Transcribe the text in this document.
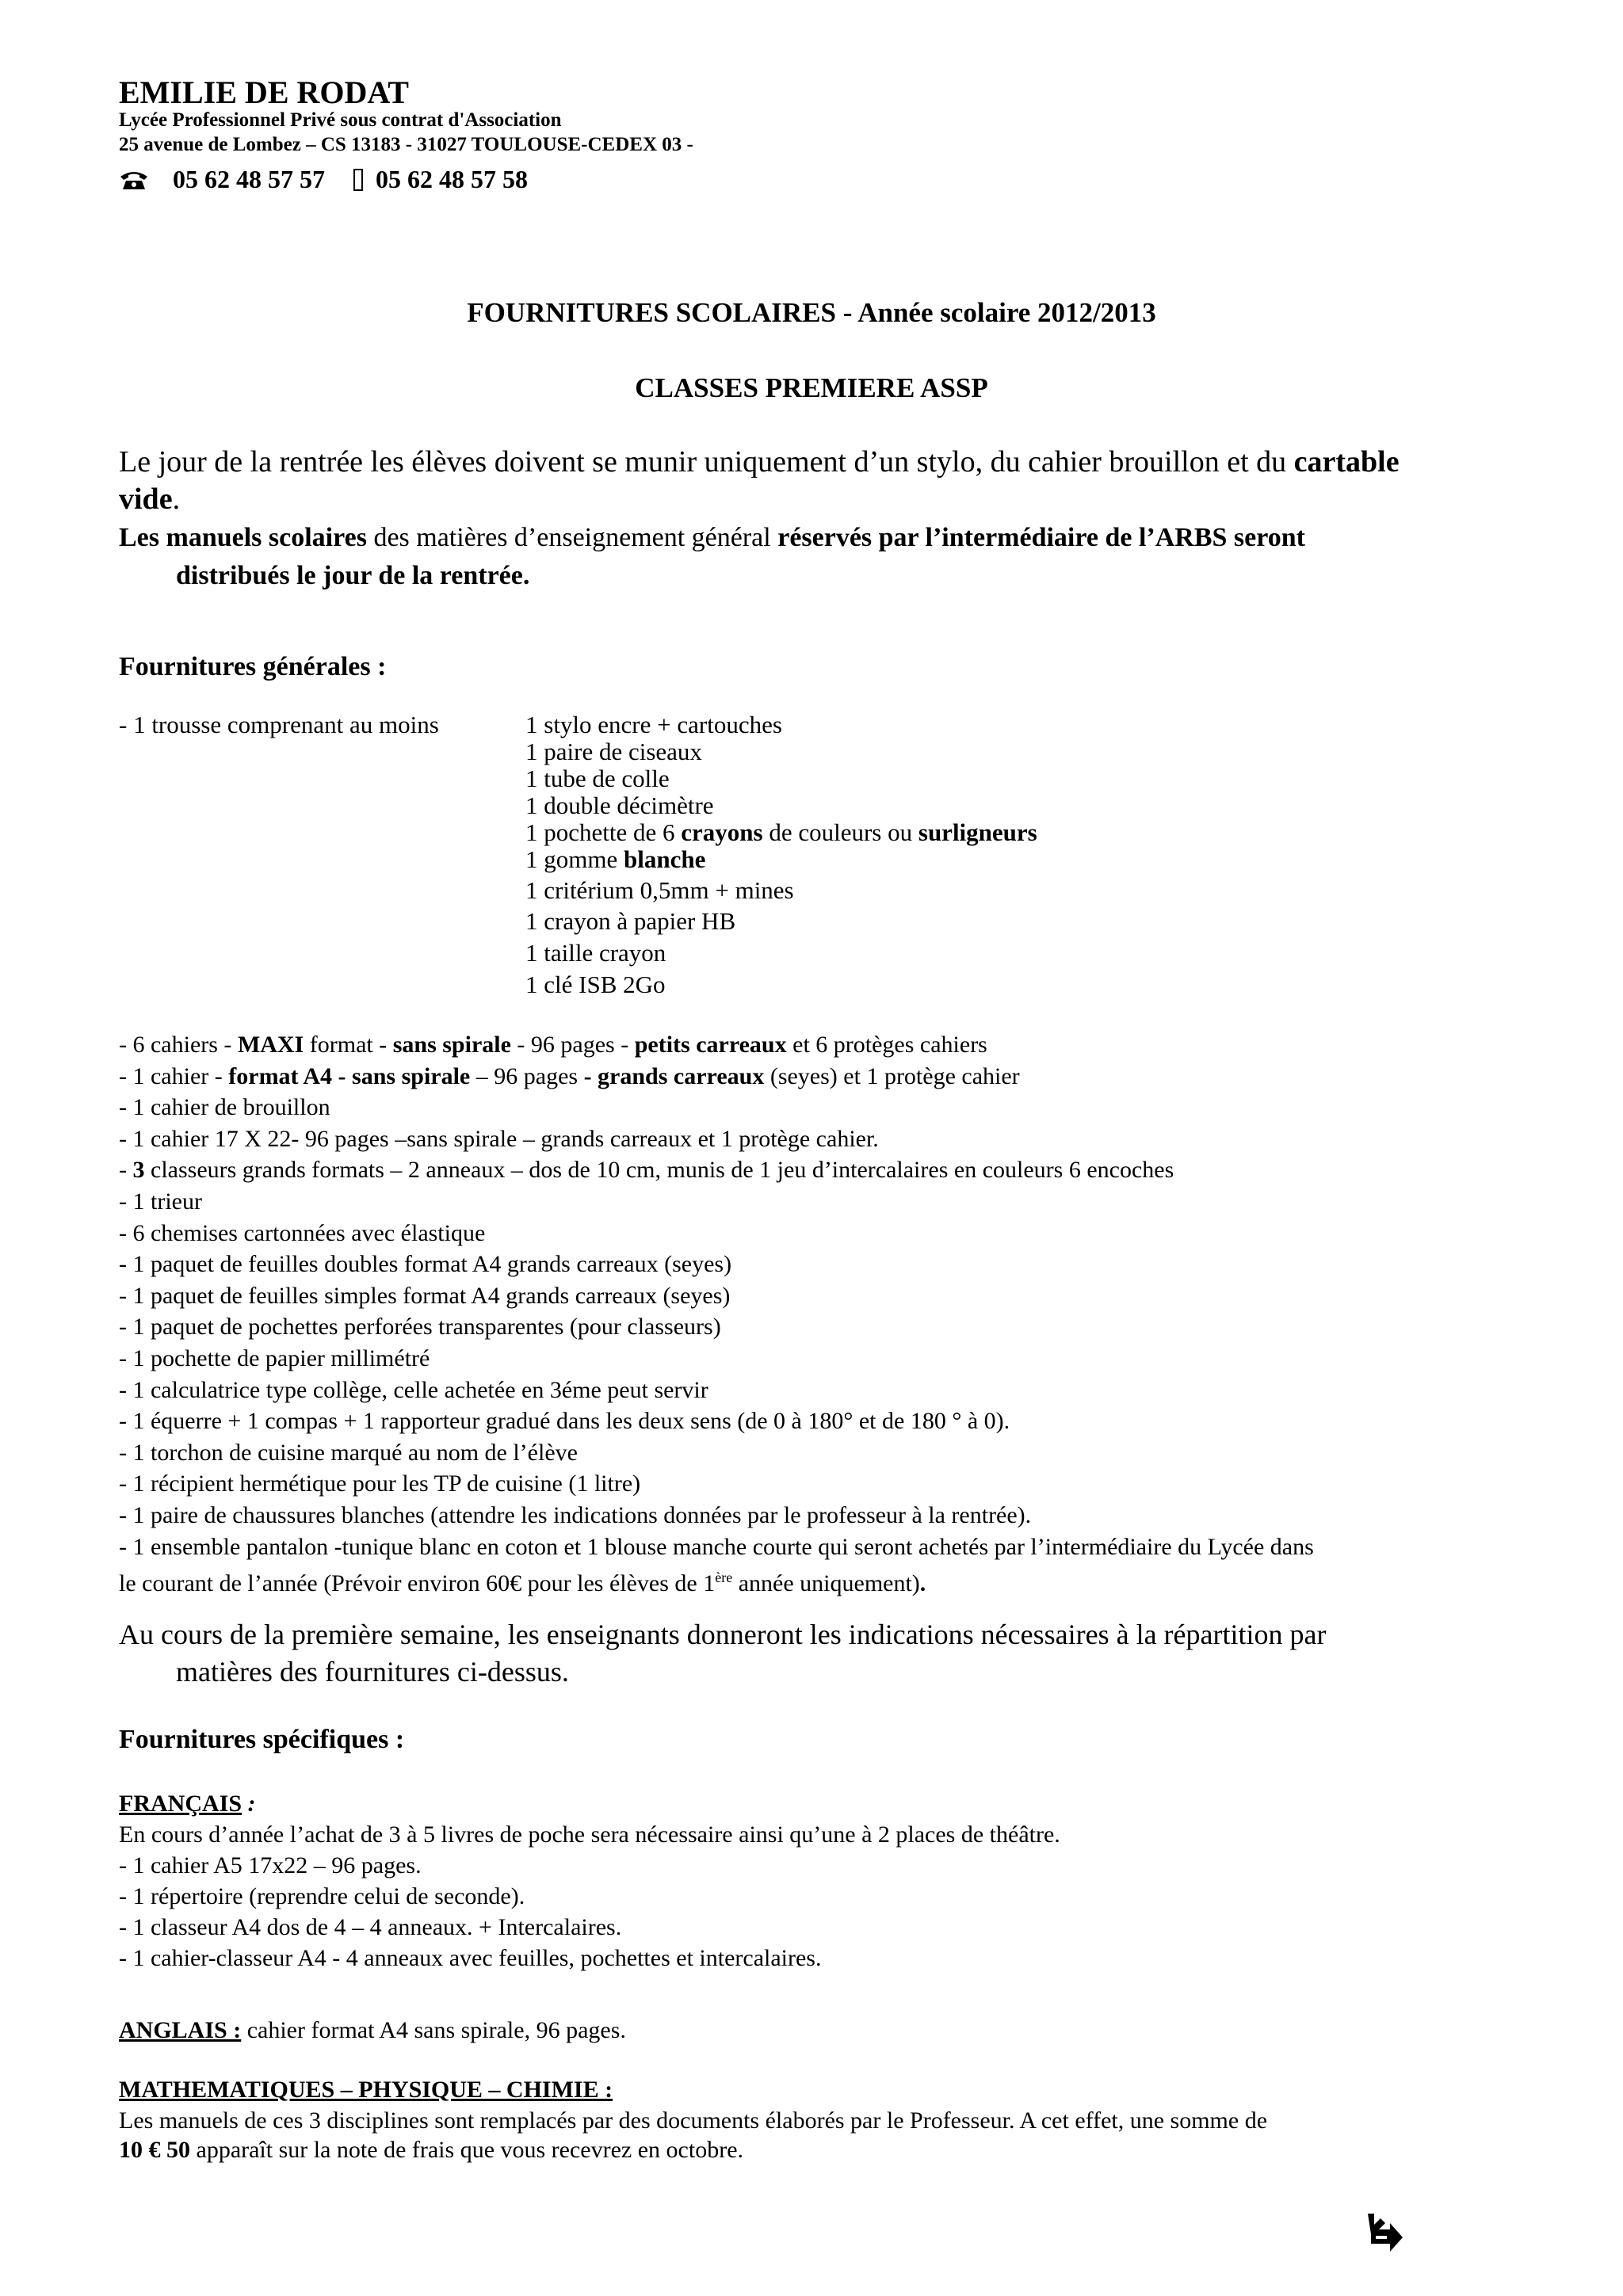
EMILIE DE RODAT
Lycée Professionnel Privé sous contrat d'Association
25 avenue de Lombez – CS 13183 - 31027 TOULOUSE-CEDEX 03 -
05 62 48 57 57 05 62 48 57 58
FOURNITURES SCOLAIRES - Année scolaire 2012/2013
CLASSES PREMIERE ASSP
Le jour de la rentrée les élèves doivent se munir uniquement d’un stylo, du cahier brouillon et du cartable
vide.
Les manuels scolaires des matières d’enseignement général réservés par l’intermédiaire de l’ARBS seront
distribués le jour de la rentrée.
Fournitures générales :
- 1 trousse comprenant au moins	1 stylo encre + cartouches
1 paire de ciseaux
1 tube de colle
1 double décimètre
1 pochette de 6 crayons de couleurs ou surligneurs
1 gomme blanche
1 critérium 0,5mm + mines
1 crayon à papier HB
1 taille crayon
1 clé ISB 2Go
- 6 cahiers - MAXI format - sans spirale - 96 pages - petits carreaux et 6 protèges cahiers
- 1 cahier - format A4 - sans spirale – 96 pages - grands carreaux (seyes) et 1 protège cahier
- 1 cahier de brouillon
- 1 cahier 17 X 22- 96 pages –sans spirale – grands carreaux et 1 protège cahier.
- 3 classeurs grands formats – 2 anneaux – dos de 10 cm, munis de 1 jeu d’intercalaires en couleurs 6 encoches
- 1 trieur
- 6 chemises cartonnées avec élastique
- 1 paquet de feuilles doubles format A4 grands carreaux (seyes)
- 1 paquet de feuilles simples format A4 grands carreaux (seyes)
- 1 paquet de pochettes perforées transparentes (pour classeurs)
- 1 pochette de papier millimétré
- 1 calculatrice type collège, celle achetée en 3éme peut servir
- 1 équerre + 1 compas + 1 rapporteur gradué dans les deux sens (de 0 à 180° et de 180 ° à 0).
- 1 torchon de cuisine marqué au nom de l’élève
- 1 récipient hermétique pour les TP de cuisine (1 litre)
- 1 paire de chaussures blanches (attendre les indications données par le professeur à la rentrée).
- 1 ensemble pantalon -tunique blanc en coton et 1 blouse manche courte qui seront achetés par l’intermédiaire du Lycée dans
le courant de l’année (Prévoir environ 60€ pour les élèves de 1ère année uniquement).
Au cours de la première semaine, les enseignants donneront les indications nécessaires à la répartition par
matières des fournitures ci-dessus.
Fournitures spécifiques :
FRANÇAIS :
En cours d’année l’achat de 3 à 5 livres de poche sera nécessaire ainsi qu’une à 2 places de théâtre.
- 1 cahier A5 17x22 – 96 pages.
- 1 répertoire (reprendre celui de seconde).
- 1 classeur A4 dos de 4 – 4 anneaux. + Intercalaires.
- 1 cahier-classeur A4 - 4 anneaux avec feuilles, pochettes et intercalaires.
ANGLAIS : cahier format A4 sans spirale, 96 pages.
MATHEMATIQUES – PHYSIQUE – CHIMIE :
Les manuels de ces 3 disciplines sont remplacés par des documents élaborés par le Professeur. A cet effet, une somme de
10 € 50 apparaît sur la note de frais que vous recevrez en octobre.
